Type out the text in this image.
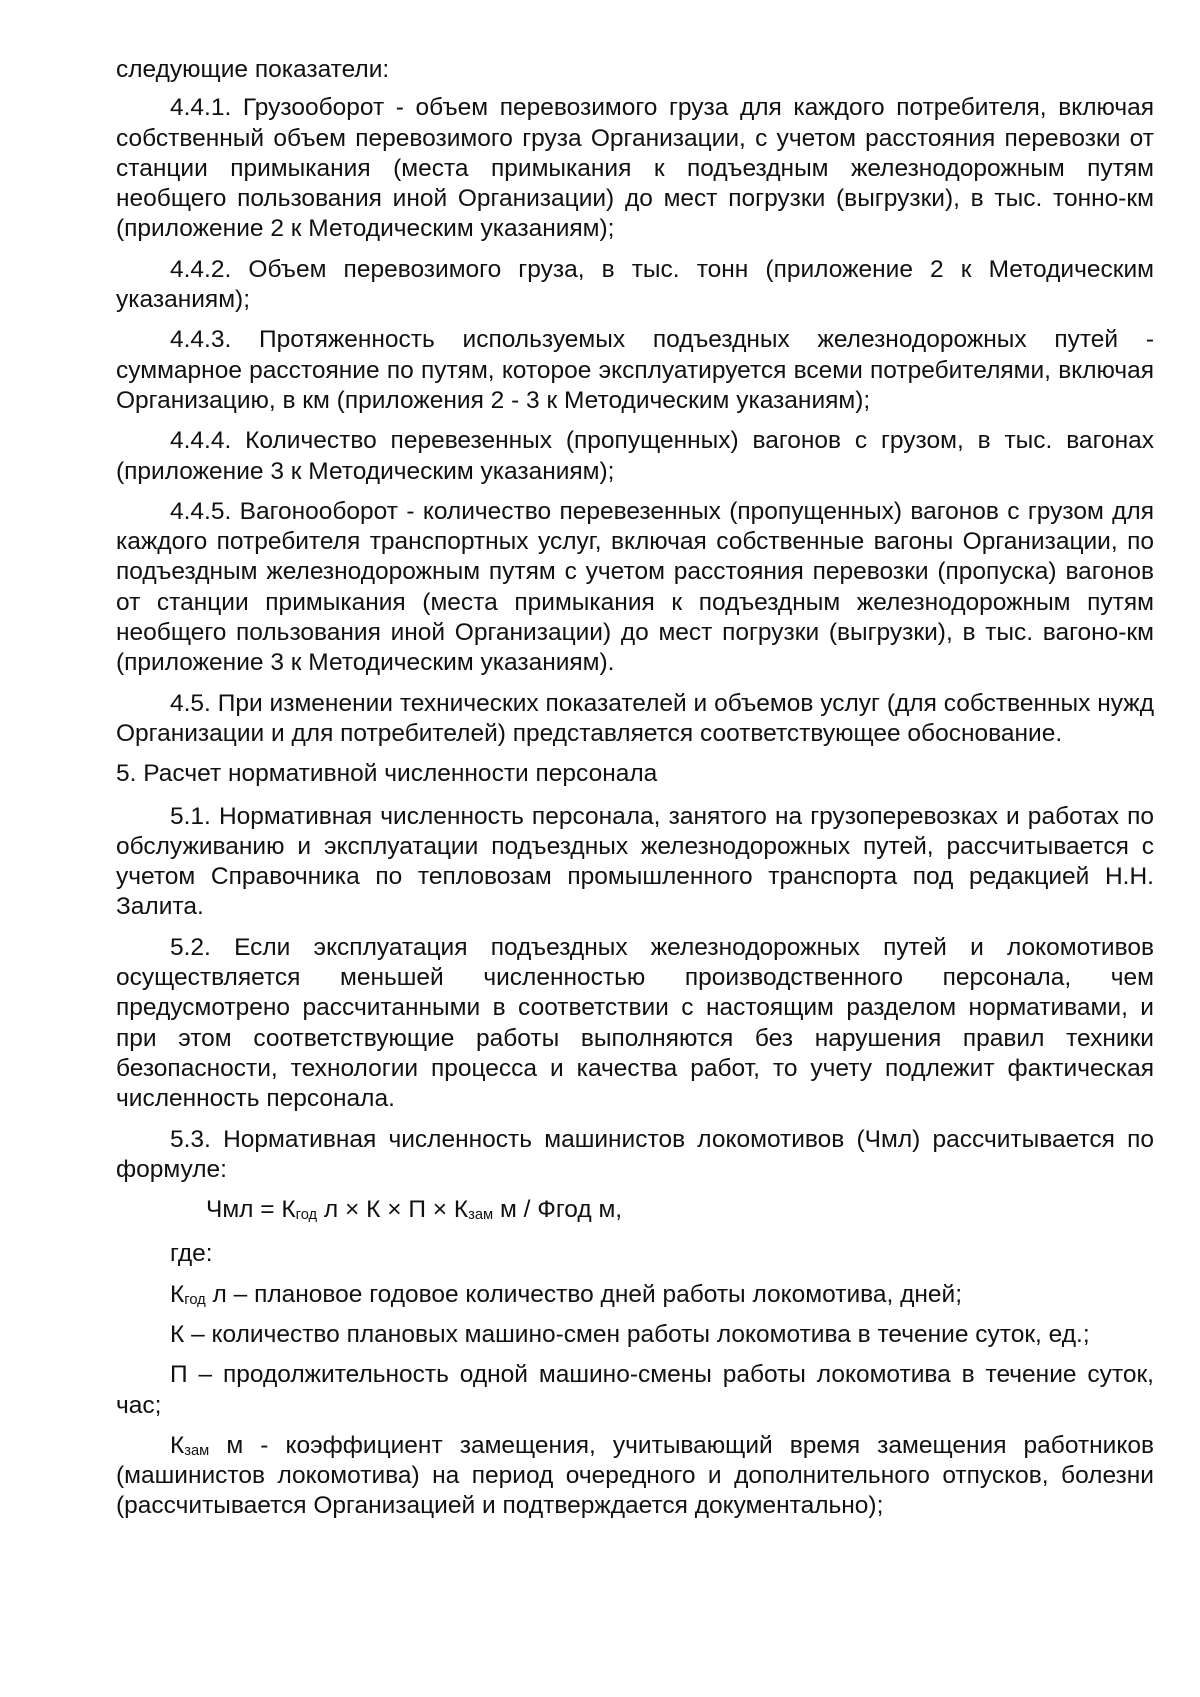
следующие показатели:

4.4.1. Грузооборот - объем перевозимого груза для каждого потребителя, включая собственный объем перевозимого груза Организации, с учетом расстояния перевозки от станции примыкания (места примыкания к подъездным железнодорожным путям необщего пользования иной Организации) до мест погрузки (выгрузки), в тыс. тонно-км (приложение 2 к Методическим указаниям);

4.4.2. Объем перевозимого груза, в тыс. тонн (приложение 2 к Методическим указаниям);

4.4.3. Протяженность используемых подъездных железнодорожных путей - суммарное расстояние по путям, которое эксплуатируется всеми потребителями, включая Организацию, в км (приложения 2 - 3 к Методическим указаниям);

4.4.4. Количество перевезенных (пропущенных) вагонов с грузом, в тыс. вагонах (приложение 3 к Методическим указаниям);

4.4.5. Вагонооборот - количество перевезенных (пропущенных) вагонов с грузом для каждого потребителя транспортных услуг, включая собственные вагоны Организации, по подъездным железнодорожным путям с учетом расстояния перевозки (пропуска) вагонов от станции примыкания (места примыкания к подъездным железнодорожным путям необщего пользования иной Организации) до мест погрузки (выгрузки), в тыс. вагоно-км (приложение 3 к Методическим указаниям).

4.5. При изменении технических показателей и объемов услуг (для собственных нужд Организации и для потребителей) представляется соответствующее обоснование.

5. Расчет нормативной численности персонала

5.1. Нормативная численность персонала, занятого на грузоперевозках и работах по обслуживанию и эксплуатации подъездных железнодорожных путей, рассчитывается с учетом Справочника по тепловозам промышленного транспорта под редакцией Н.Н. Залита.

5.2. Если эксплуатация подъездных железнодорожных путей и локомотивов осуществляется меньшей численностью производственного персонала, чем предусмотрено рассчитанными в соответствии с настоящим разделом нормативами, и при этом соответствующие работы выполняются без нарушения правил техники безопасности, технологии процесса и качества работ, то учету подлежит фактическая численность персонала.

5.3. Нормативная численность машинистов локомотивов (Чмл) рассчитывается по формуле:

Чмл = $К_{год}$ $л \times К \times П \times К_{зам}$ м / Фгод м,

где:

$К_{год}$ л – плановое годовое количество дней работы локомотива, дней;

К – количество плановых машино-смен работы локомотива в течение суток, ед.;

П – продолжительность одной машино-смены работы локомотива в течение суток, час;

$К_{зам}$ м - коэффициент замещения, учитывающий время замещения работников (машинистов локомотива) на период очередного и дополнительного отпусков, болезни (рассчитывается Организацией и подтверждается документально);
